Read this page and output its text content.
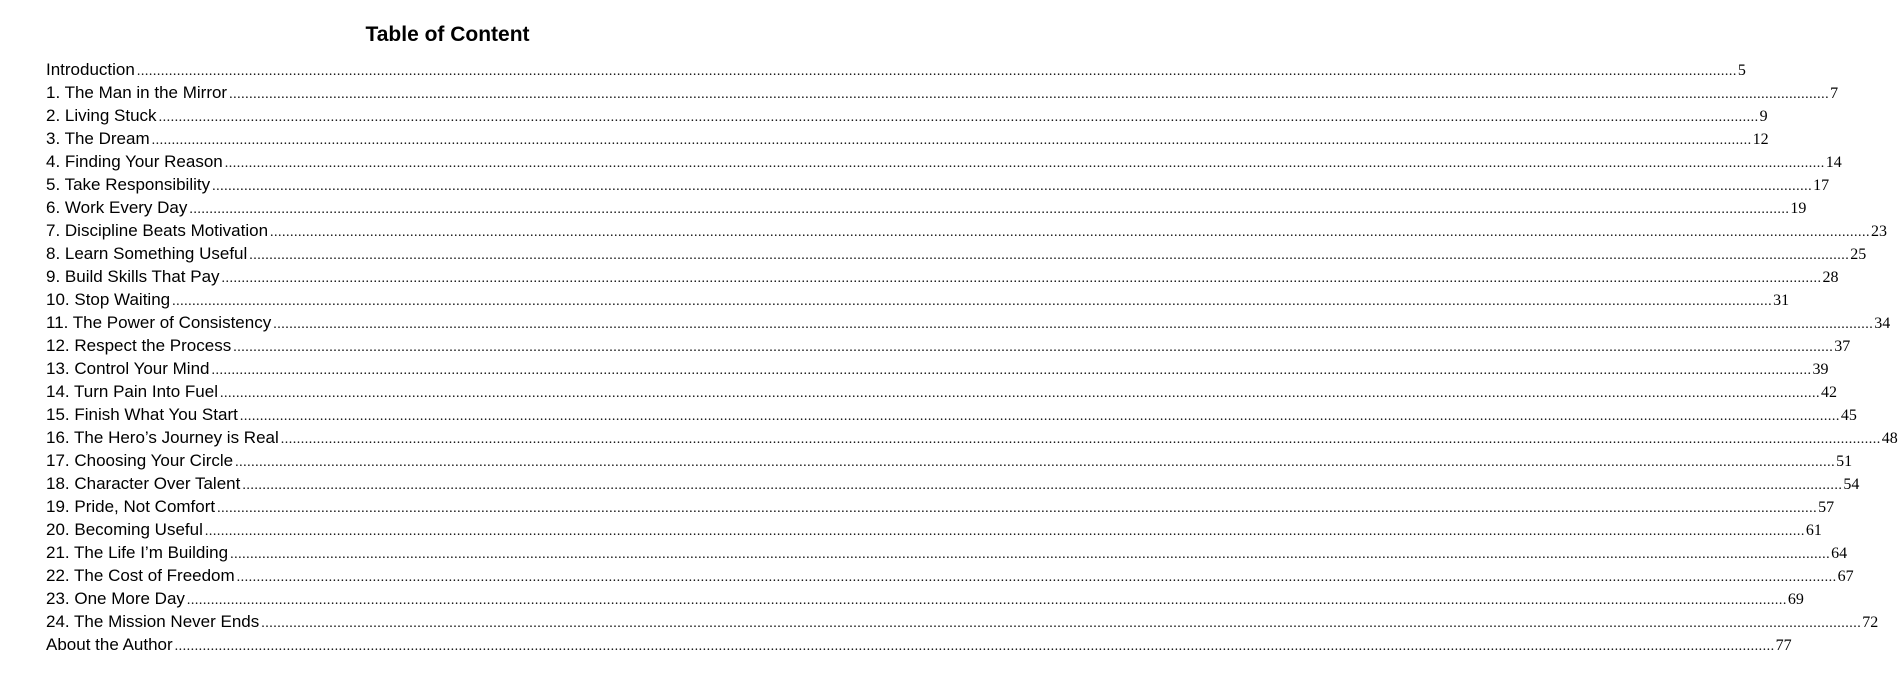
Table of Content
Introduction ................................................................................................................................................................................................................................................................................................................................................................................................................ 5
1. The Man in the Mirror ................................................................................................................................................................................................................................................................................................................................................................................................................ 7
2. Living Stuck ................................................................................................................................................................................................................................................................................................................................................................................................................ 9
3. The Dream ................................................................................................................................................................................................................................................................................................................................................................................................................ 12
4. Finding Your Reason ................................................................................................................................................................................................................................................................................................................................................................................................................ 14
5. Take Responsibility ................................................................................................................................................................................................................................................................................................................................................................................................................ 17
6. Work Every Day ................................................................................................................................................................................................................................................................................................................................................................................................................ 19
7. Discipline Beats Motivation ................................................................................................................................................................................................................................................................................................................................................................................................................ 23
8. Learn Something Useful ................................................................................................................................................................................................................................................................................................................................................................................................................ 25
9. Build Skills That Pay ................................................................................................................................................................................................................................................................................................................................................................................................................ 28
10. Stop Waiting ................................................................................................................................................................................................................................................................................................................................................................................................................ 31
11. The Power of Consistency ................................................................................................................................................................................................................................................................................................................................................................................................................ 34
12. Respect the Process ................................................................................................................................................................................................................................................................................................................................................................................................................ 37
13. Control Your Mind ................................................................................................................................................................................................................................................................................................................................................................................................................ 39
14. Turn Pain Into Fuel ................................................................................................................................................................................................................................................................................................................................................................................................................ 42
15. Finish What You Start ................................................................................................................................................................................................................................................................................................................................................................................................................ 45
16. The Hero’s Journey is Real ................................................................................................................................................................................................................................................................................................................................................................................................................ 48
17. Choosing Your Circle ................................................................................................................................................................................................................................................................................................................................................................................................................ 51
18. Character Over Talent ................................................................................................................................................................................................................................................................................................................................................................................................................ 54
19. Pride, Not Comfort ................................................................................................................................................................................................................................................................................................................................................................................................................ 57
20. Becoming Useful ................................................................................................................................................................................................................................................................................................................................................................................................................ 61
21. The Life I’m Building ................................................................................................................................................................................................................................................................................................................................................................................................................ 64
22. The Cost of Freedom ................................................................................................................................................................................................................................................................................................................................................................................................................ 67
23. One More Day ................................................................................................................................................................................................................................................................................................................................................................................................................ 69
24. The Mission Never Ends ................................................................................................................................................................................................................................................................................................................................................................................................................ 72
About the Author ................................................................................................................................................................................................................................................................................................................................................................................................................ 77
